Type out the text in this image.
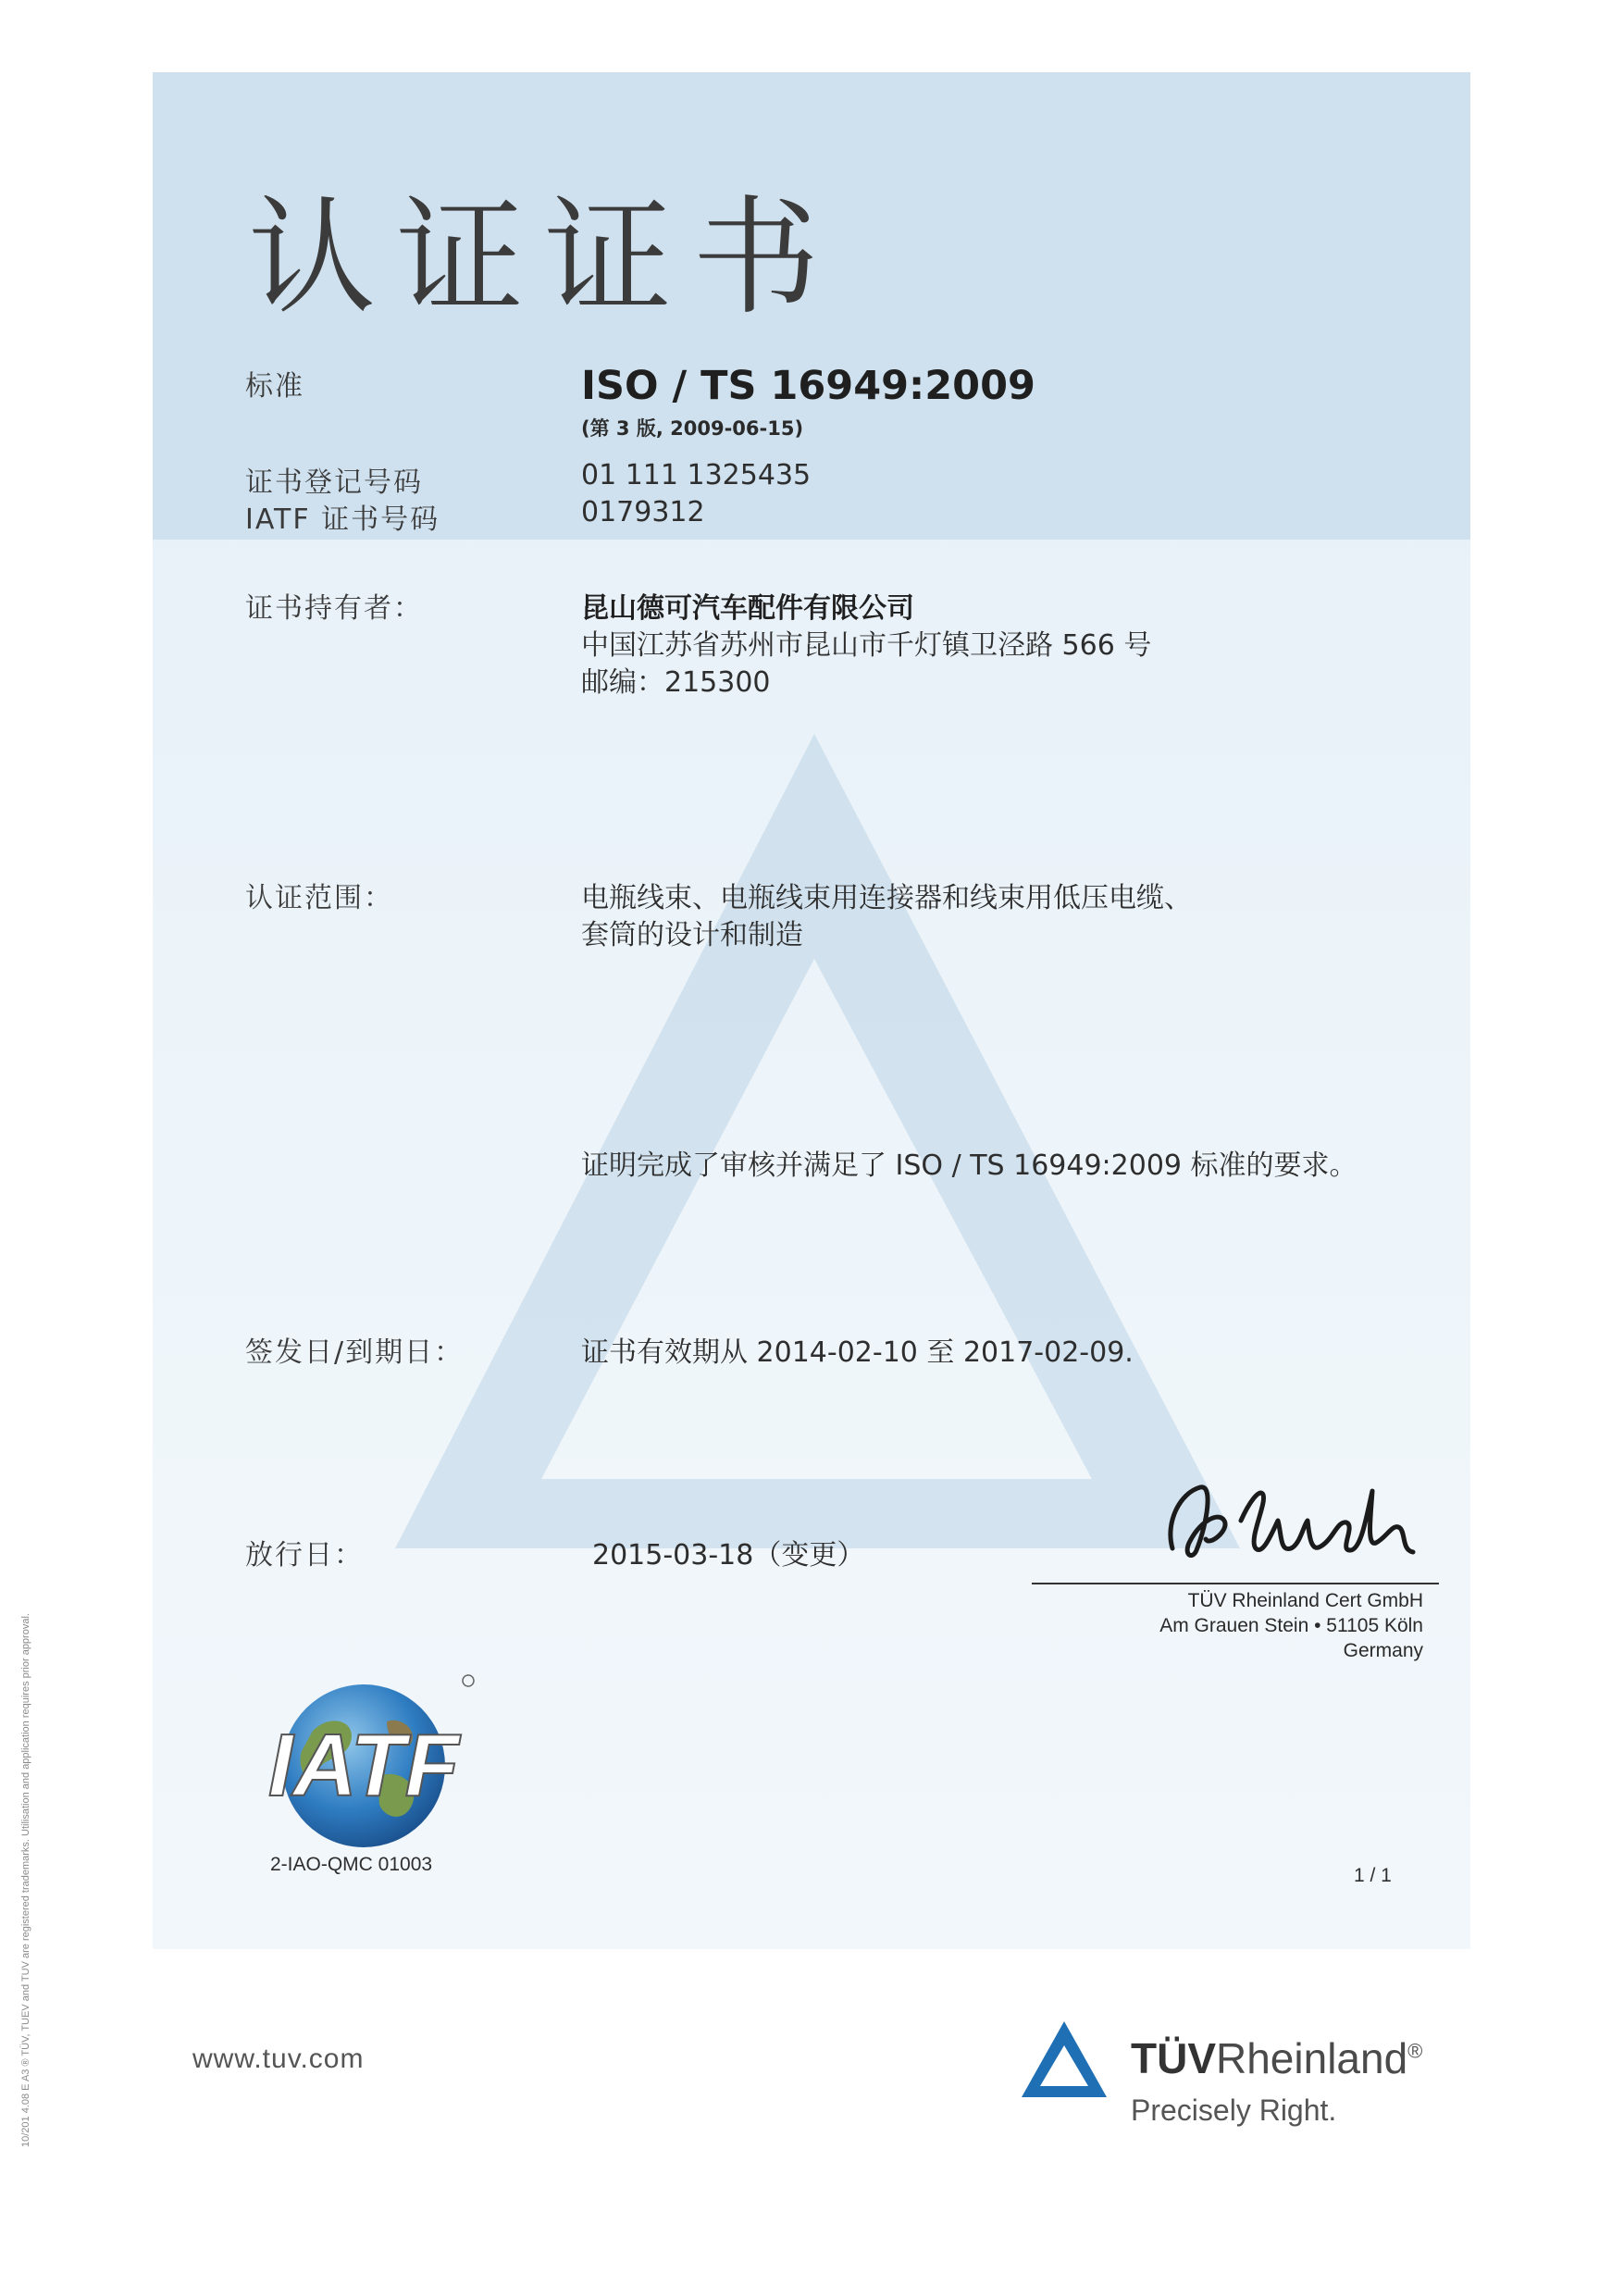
认证证书
标准	ISO / TS 16949:2009
(第 3 版, 2009-06-15)
证书登记号码	01 111 1325435
IATF 证书号码	0179312
证书持有者：	昆山德可汽车配件有限公司
中国江苏省苏州市昆山市千灯镇卫泾路 566 号
邮编：215300
认证范围：	电瓶线束、电瓶线束用连接器和线束用低压电缆、
套筒的设计和制造
证明完成了审核并满足了 ISO / TS 16949:2009 标准的要求。
签发日/到期日：	证书有效期从 2014-02-10 至 2017-02-09.
放行日：	2015-03-18（变更）
TÜV Rheinland Cert GmbH
Am Grauen Stein • 51105 Köln
Germany
IATF
2-IAO-QMC 01003
1 / 1
www.tuv.com	TÜVRheinland®
Precisely Right.
10/201 4.08 E A3 ® TÜV, TUEV and TUV are registered trademarks. Utilisation and application requires prior approval.
